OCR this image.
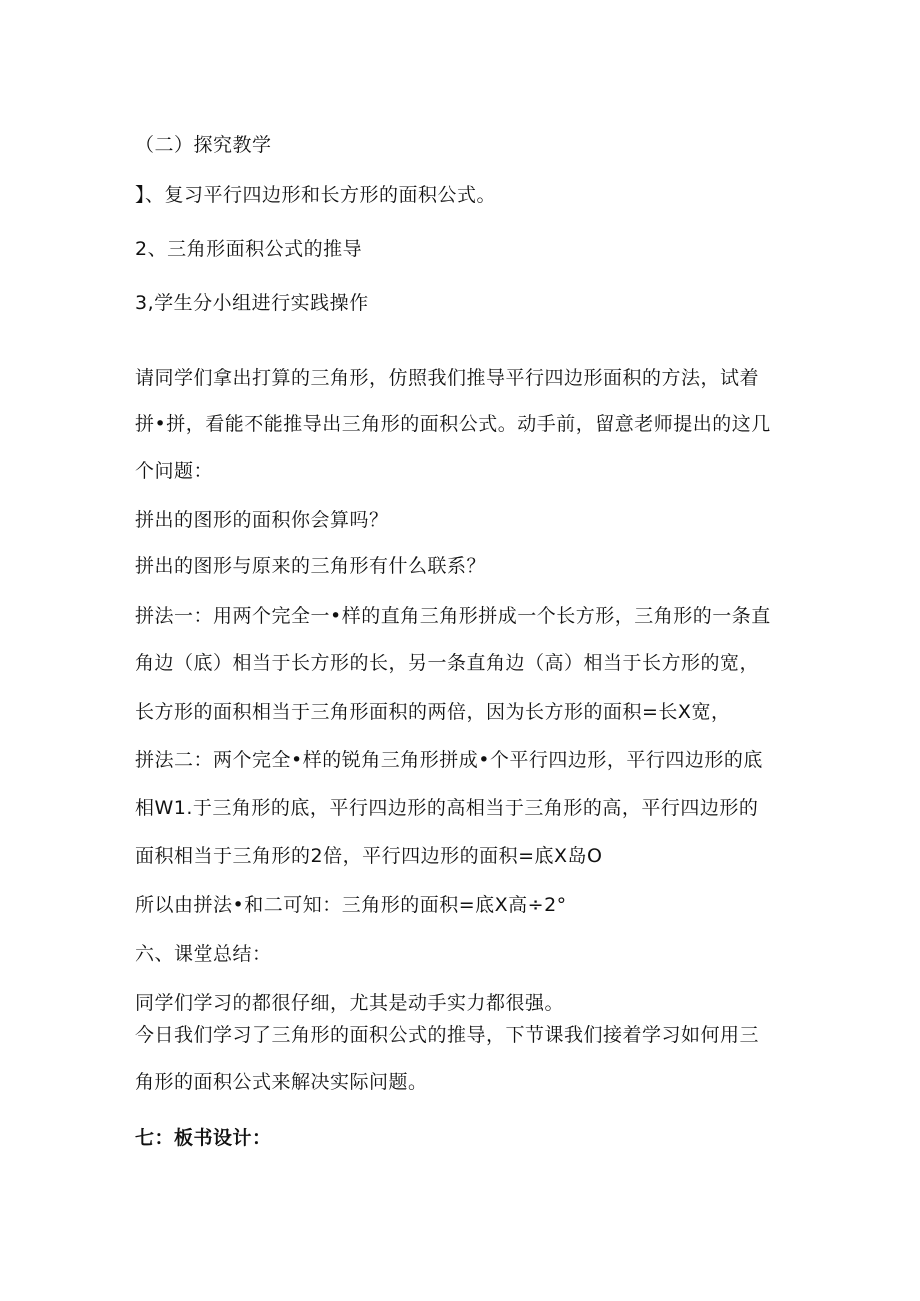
（二）探究教学
】、复习平行四边形和长方形的面积公式。
2、三角形面积公式的推导
3,学生分小组进行实践操作
请同学们拿出打算的三角形，仿照我们推导平行四边形面积的方法，试着
拼•拼，看能不能推导出三角形的面积公式。动手前，留意老师提出的这几
个问题：
拼出的图形的面积你会算吗？
拼出的图形与原来的三角形有什么联系？
拼法一：用两个完全一•样的直角三角形拼成一个长方形，三角形的一条直
角边（底）相当于长方形的长，另一条直角边（高）相当于长方形的宽，
长方形的面积相当于三角形面积的两倍，因为长方形的面积=长X宽，
拼法二：两个完全•样的锐角三角形拼成•个平行四边形，平行四边形的底
相W1.于三角形的底，平行四边形的高相当于三角形的高，平行四边形的
面积相当于三角形的2倍，平行四边形的面积=底X岛O
所以由拼法•和二可知：三角形的面积=底X高÷2°
六、课堂总结：
同学们学习的都很仔细，尤其是动手实力都很强。
今日我们学习了三角形的面积公式的推导，下节课我们接着学习如何用三
角形的面积公式来解决实际问题。
七：板书设计：
